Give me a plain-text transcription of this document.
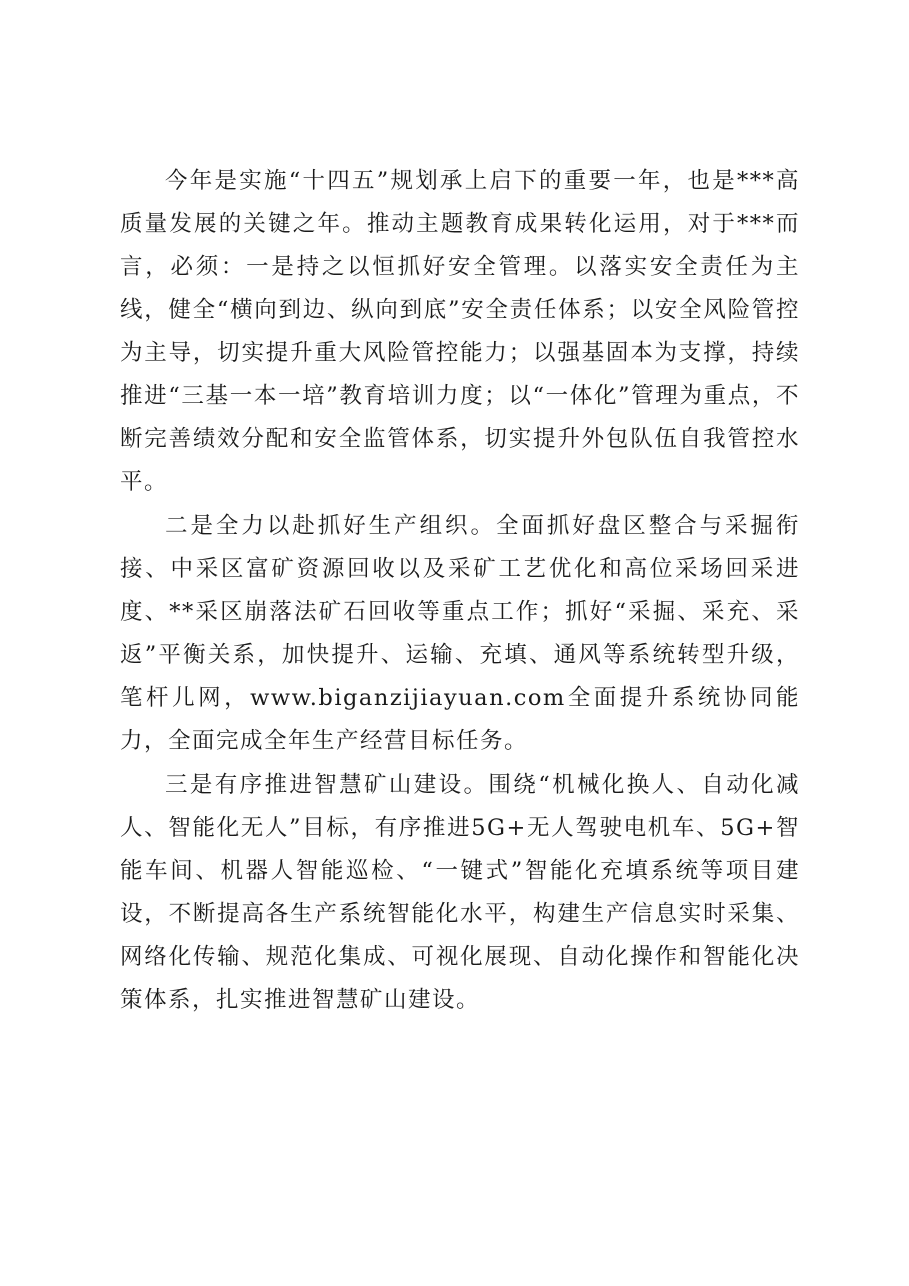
今年是实施“十四五”规划承上启下的重要一年，也是***高质量发展的关键之年。推动主题教育成果转化运用，对于***而言，必须：一是持之以恒抓好安全管理。以落实安全责任为主线，健全“横向到边、纵向到底”安全责任体系；以安全风险管控为主导，切实提升重大风险管控能力；以强基固本为支撑，持续推进“三基一本一培”教育培训力度；以“一体化”管理为重点，不断完善绩效分配和安全监管体系，切实提升外包队伍自我管控水平。

二是全力以赴抓好生产组织。全面抓好盘区整合与采掘衔接、中采区富矿资源回收以及采矿工艺优化和高位采场回采进度、**采区崩落法矿石回收等重点工作；抓好“采掘、采充、采返”平衡关系，加快提升、运输、充填、通风等系统转型升级，笔杆儿网，www.biganzijiayuan.com全面提升系统协同能力，全面完成全年生产经营目标任务。

三是有序推进智慧矿山建设。围绕“机械化换人、自动化减人、智能化无人”目标，有序推进5G+无人驾驶电机车、5G+智能车间、机器人智能巡检、“一键式”智能化充填系统等项目建设，不断提高各生产系统智能化水平，构建生产信息实时采集、网络化传输、规范化集成、可视化展现、自动化操作和智能化决策体系，扎实推进智慧矿山建设。
